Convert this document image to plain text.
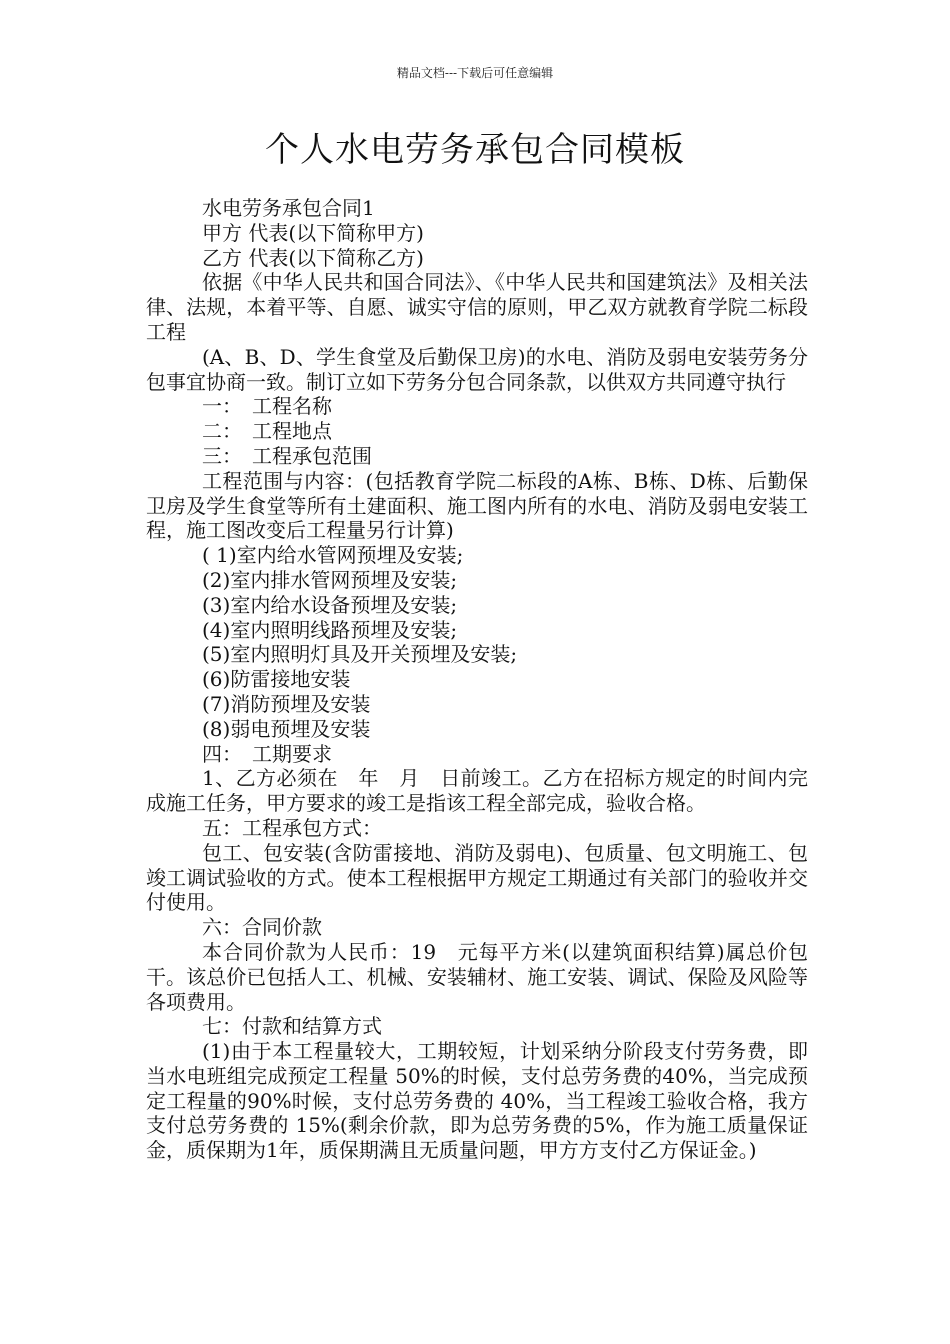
精品文档---下载后可任意编辑
个人水电劳务承包合同模板

水电劳务承包合同1

甲方 代表(以下简称甲方)

乙方 代表(以下简称乙方)

依据《中华人民共和国合同法》、《中华人民共和国建筑法》及相关法律、法规，本着平等、自愿、诚实守信的原则，甲乙双方就教育学院二标段工程

(A、B、D、学生食堂及后勤保卫房)的水电、消防及弱电安装劳务分包事宜协商一致。制订立如下劳务分包合同条款，以供双方共同遵守执行

一：　工程名称

二：　工程地点

三：　工程承包范围

工程范围与内容：(包括教育学院二标段的A栋、B栋、D栋、后勤保卫房及学生食堂等所有土建面积、施工图内所有的水电、消防及弱电安装工程，施工图改变后工程量另行计算)

( 1)室内给水管网预埋及安装;

(2)室内排水管网预埋及安装;

(3)室内给水设备预埋及安装;

(4)室内照明线路预埋及安装;

(5)室内照明灯具及开关预埋及安装;

(6)防雷接地安装

(7)消防预埋及安装

(8)弱电预埋及安装

四：　工期要求

1、乙方必须在　年　月　日前竣工。乙方在招标方规定的时间内完成施工任务，甲方要求的竣工是指该工程全部完成，验收合格。

五：工程承包方式：

包工、包安装(含防雷接地、消防及弱电)、包质量、包文明施工、包竣工调试验收的方式。使本工程根据甲方规定工期通过有关部门的验收并交付使用。

六：合同价款

本合同价款为人民币：19　元每平方米(以建筑面积结算)属总价包干。该总价已包括人工、机械、安装辅材、施工安装、调试、保险及风险等各项费用。

七：付款和结算方式

(1)由于本工程量较大，工期较短，计划采纳分阶段支付劳务费，即当水电班组完成预定工程量 50%的时候，支付总劳务费的40%，当完成预定工程量的90%时候，支付总劳务费的 40%，当工程竣工验收合格，我方支付总劳务费的 15%(剩余价款，即为总劳务费的5%，作为施工质量保证金，质保期为1年，质保期满且无质量问题，甲方方支付乙方保证金。)
